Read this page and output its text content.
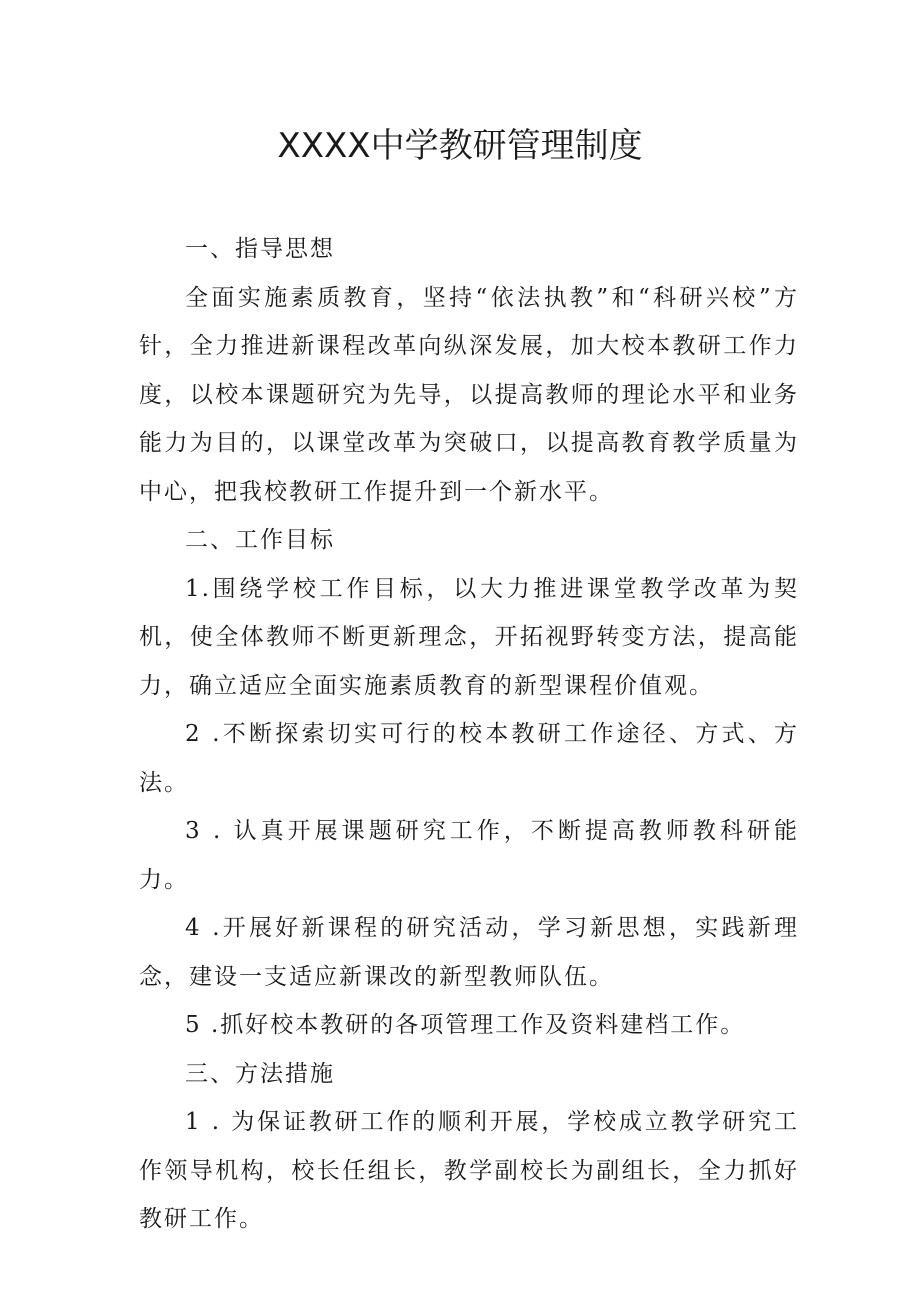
XXXX中学教研管理制度
一、指导思想

全面实施素质教育，坚持“依法执教”和“科研兴校”方针，全力推进新课程改革向纵深发展，加大校本教研工作力度，以校本课题研究为先导，以提高教师的理论水平和业务能力为目的，以课堂改革为突破口，以提高教育教学质量为中心，把我校教研工作提升到一个新水平。

二、工作目标

1.围绕学校工作目标，以大力推进课堂教学改革为契机，使全体教师不断更新理念，开拓视野转变方法，提高能力，确立适应全面实施素质教育的新型课程价值观。

2 .不断探索切实可行的校本教研工作途径、方式、方法。

3 . 认真开展课题研究工作，不断提高教师教科研能力。

4 .开展好新课程的研究活动，学习新思想，实践新理念，建设一支适应新课改的新型教师队伍。

5 .抓好校本教研的各项管理工作及资料建档工作。

三、方法措施

1 . 为保证教研工作的顺利开展，学校成立教学研究工作领导机构，校长任组长，教学副校长为副组长，全力抓好教研工作。
